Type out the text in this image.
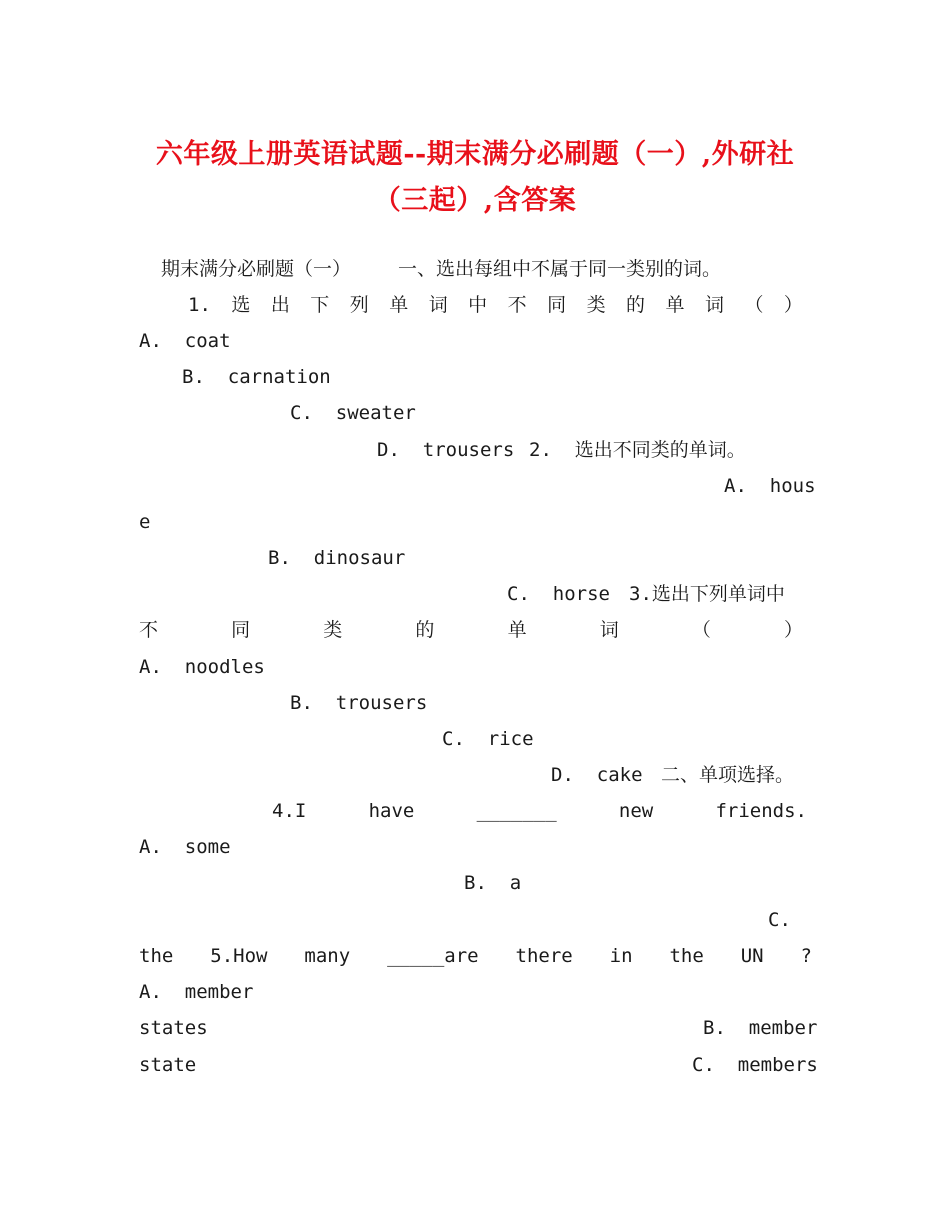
六年级上册英语试题--期末满分必刷题（一）,外研社
（三起）,含答案
期末满分必刷题（一） 一、选出每组中不属于同一类别的词。
1. 选 出 下 列 单 词 中 不 同 类 的 单 词 （ ）
A.  coat
B.  carnation
C.  sweater
D.  trousers 2.  选出不同类的单词。
A.  hous
e
B.  dinosaur
C.  horse 3.选出下列单词中
不	同	类	的	单	词	（	）
A.  noodles
B.  trousers
C.  rice
D.  cake 二、单项选择。
4.I	have	_______	new	friends.
A.  some
B.  a
C.
the 5.How many _____are there in the UN ?
A.  member
states	B.  member
state	C.  members
